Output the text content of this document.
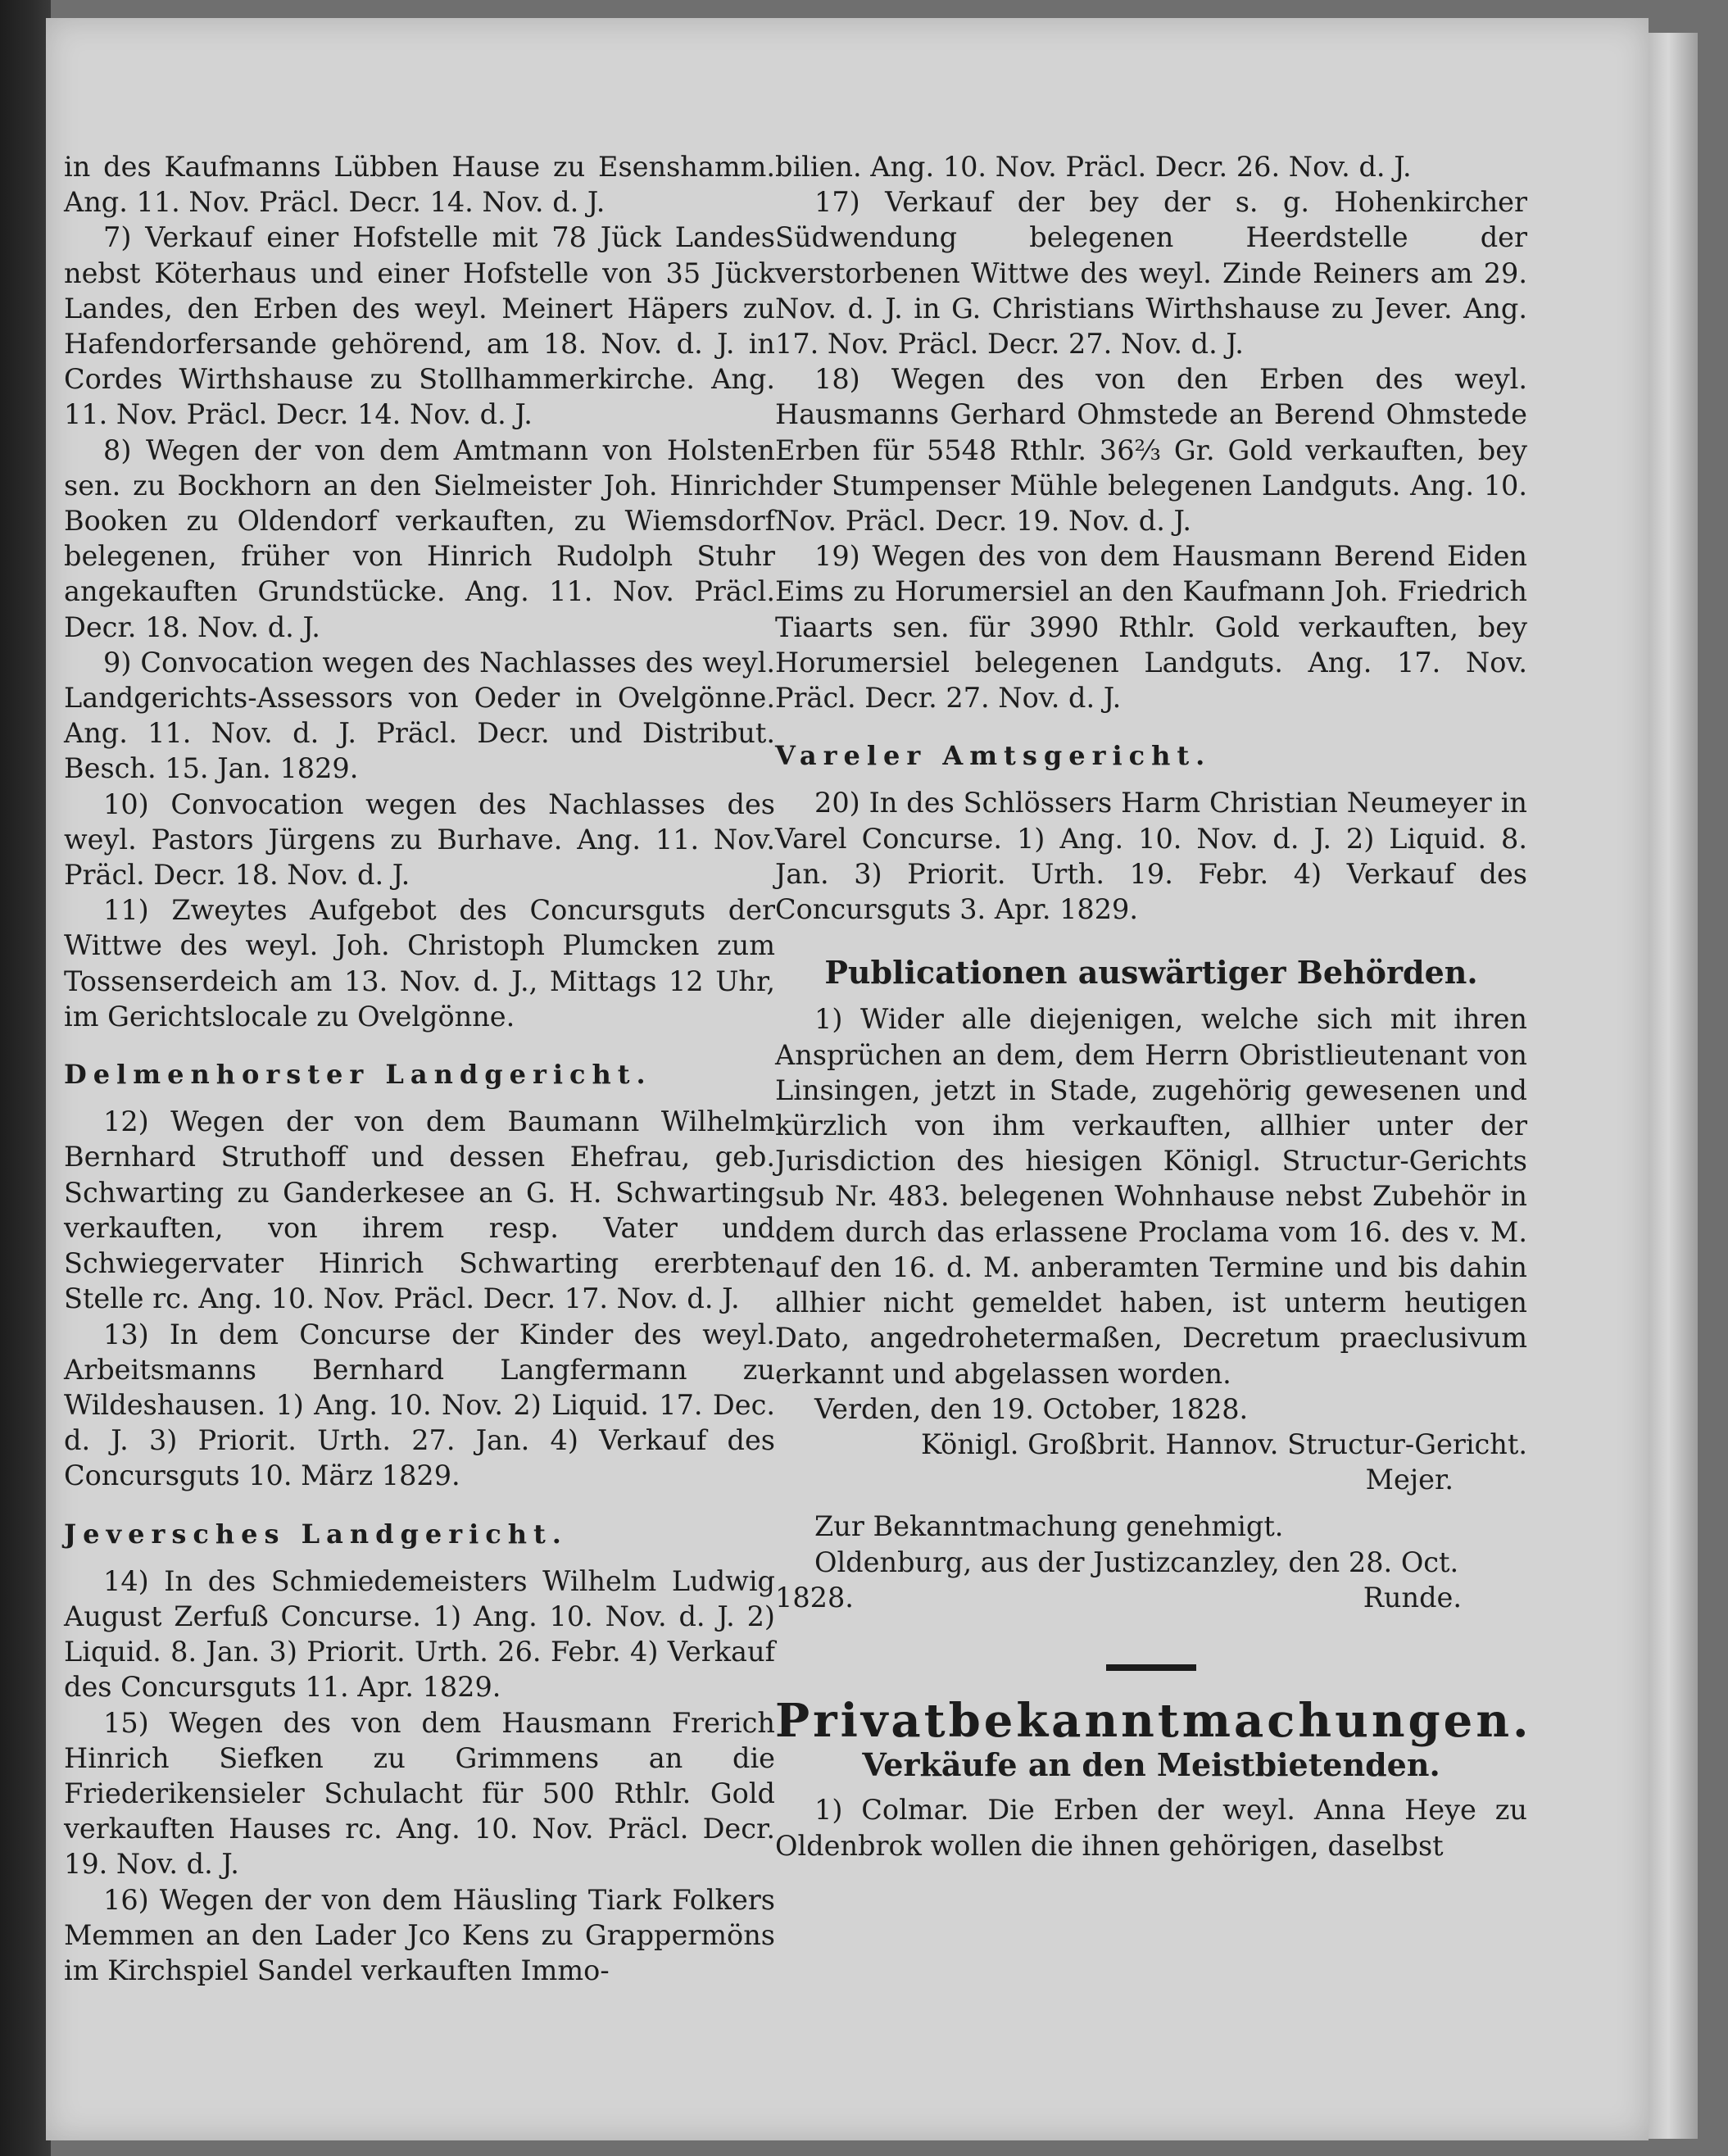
in des Kaufmanns Lübben Hause zu Esenshamm. Ang. 11. Nov. Präcl. Decr. 14. Nov. d. J.

7) Verkauf einer Hofstelle mit 78 Jück Landes nebst Köterhaus und einer Hofstelle von 35 Jück Landes, den Erben des weyl. Meinert Häpers zu Hafendorfersande gehörend, am 18. Nov. d. J. in Cordes Wirthshause zu Stollhammerkirche. Ang. 11. Nov. Präcl. Decr. 14. Nov. d. J.

8) Wegen der von dem Amtmann von Holsten sen. zu Bockhorn an den Sielmeister Joh. Hinrich Booken zu Oldendorf verkauften, zu Wiemsdorf belegenen, früher von Hinrich Rudolph Stuhr angekauften Grundstücke. Ang. 11. Nov. Präcl. Decr. 18. Nov. d. J.

9) Convocation wegen des Nachlasses des weyl. Landgerichts-Assessors von Oeder in Ovelgönne. Ang. 11. Nov. d. J. Präcl. Decr. und Distribut. Besch. 15. Jan. 1829.

10) Convocation wegen des Nachlasses des weyl. Pastors Jürgens zu Burhave. Ang. 11. Nov. Präcl. Decr. 18. Nov. d. J.

11) Zweytes Aufgebot des Concursguts der Wittwe des weyl. Joh. Christoph Plumcken zum Tossenserdeich am 13. Nov. d. J., Mittags 12 Uhr, im Gerichtslocale zu Ovelgönne.

Delmenhorster Landgericht.

12) Wegen der von dem Baumann Wilhelm Bernhard Struthoff und dessen Ehefrau, geb. Schwarting zu Ganderkesee an G. H. Schwarting verkauften, von ihrem resp. Vater und Schwiegervater Hinrich Schwarting ererbten Stelle rc. Ang. 10. Nov. Präcl. Decr. 17. Nov. d. J.

13) In dem Concurse der Kinder des weyl. Arbeitsmanns Bernhard Langfermann zu Wildeshausen. 1) Ang. 10. Nov. 2) Liquid. 17. Dec. d. J. 3) Priorit. Urth. 27. Jan. 4) Verkauf des Concursguts 10. März 1829.

Jeversches Landgericht.

14) In des Schmiedemeisters Wilhelm Ludwig August Zerfuß Concurse. 1) Ang. 10. Nov. d. J. 2) Liquid. 8. Jan. 3) Priorit. Urth. 26. Febr. 4) Verkauf des Concursguts 11. Apr. 1829.

15) Wegen des von dem Hausmann Frerich Hinrich Siefken zu Grimmens an die Friederikensieler Schulacht für 500 Rthlr. Gold verkauften Hauses rc. Ang. 10. Nov. Präcl. Decr. 19. Nov. d. J.

16) Wegen der von dem Häusling Tiark Folkers Memmen an den Lader Jco Kens zu Grappermöns im Kirchspiel Sandel verkauften Immo-

bilien. Ang. 10. Nov. Präcl. Decr. 26. Nov. d. J.

17) Verkauf der bey der s. g. Hohenkircher Südwendung belegenen Heerdstelle der verstorbenen Wittwe des weyl. Zinde Reiners am 29. Nov. d. J. in G. Christians Wirthshause zu Jever. Ang. 17. Nov. Präcl. Decr. 27. Nov. d. J.

18) Wegen des von den Erben des weyl. Hausmanns Gerhard Ohmstede an Berend Ohmstede Erben für 5548 Rthlr. 36⅔ Gr. Gold verkauften, bey der Stumpenser Mühle belegenen Landguts. Ang. 10. Nov. Präcl. Decr. 19. Nov. d. J.

19) Wegen des von dem Hausmann Berend Eiden Eims zu Horumersiel an den Kaufmann Joh. Friedrich Tiaarts sen. für 3990 Rthlr. Gold verkauften, bey Horumersiel belegenen Landguts. Ang. 17. Nov. Präcl. Decr. 27. Nov. d. J.

Vareler Amtsgericht.

20) In des Schlössers Harm Christian Neumeyer in Varel Concurse. 1) Ang. 10. Nov. d. J. 2) Liquid. 8. Jan. 3) Priorit. Urth. 19. Febr. 4) Verkauf des Concursguts 3. Apr. 1829.

Publicationen auswärtiger Behörden.

1) Wider alle diejenigen, welche sich mit ihren Ansprüchen an dem, dem Herrn Obristlieutenant von Linsingen, jetzt in Stade, zugehörig gewesenen und kürzlich von ihm verkauften, allhier unter der Jurisdiction des hiesigen Königl. Structur-Gerichts sub Nr. 483. belegenen Wohnhause nebst Zubehör in dem durch das erlassene Proclama vom 16. des v. M. auf den 16. d. M. anberamten Termine und bis dahin allhier nicht gemeldet haben, ist unterm heutigen Dato, angedrohetermaßen, Decretum praeclusivum erkannt und abgelassen worden.

Verden, den 19. October, 1828.

Königl. Großbrit. Hannov. Structur-Gericht.

Mejer.

Zur Bekanntmachung genehmigt.

Oldenburg, aus der Justizcanzley, den 28. Oct.

1828.	Runde.
Privatbekanntmachungen.
Verkäufe an den Meistbietenden.

1) Colmar. Die Erben der weyl. Anna Heye zu Oldenbrok wollen die ihnen gehörigen, daselbst
